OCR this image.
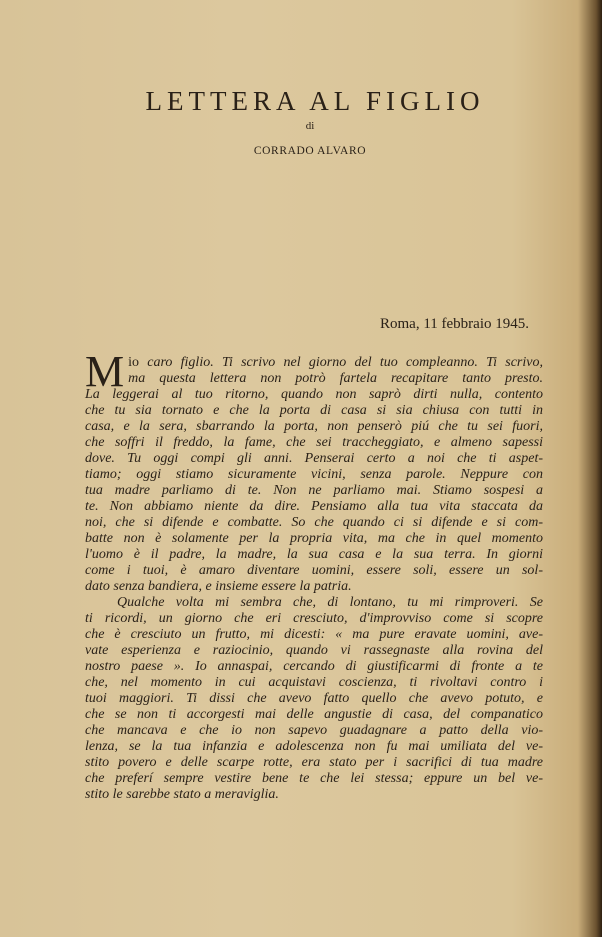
LETTERA AL FIGLIO
di
CORRADO ALVARO
Roma, 11 febbraio 1945.
M io caro figlio. Ti scrivo nel giorno del tuo compleanno. Ti scrivo,
ma questa lettera non potrò fartela recapitare tanto presto.
La leggerai al tuo ritorno, quando non saprò dirti nulla, contento
che tu sia tornato e che la porta di casa si sia chiusa con tutti in
casa, e la sera, sbarrando la porta, non penserò piú che tu sei fuori,
che soffri il freddo, la fame, che sei traccheggiato, e almeno sapessi
dove. Tu oggi compi gli anni. Penserai certo a noi che ti aspet-
tiamo; oggi stiamo sicuramente vicini, senza parole. Neppure con
tua madre parliamo di te. Non ne parliamo mai. Stiamo sospesi a
te. Non abbiamo niente da dire. Pensiamo alla tua vita staccata da
noi, che si difende e combatte. So che quando ci si difende e si com-
batte non è solamente per la propria vita, ma che in quel momento
l'uomo è il padre, la madre, la sua casa e la sua terra. In giorni
come i tuoi, è amaro diventare uomini, essere soli, essere un sol-
dato senza bandiera, e insieme essere la patria.
Qualche volta mi sembra che, di lontano, tu mi rimproveri. Se
ti ricordi, un giorno che eri cresciuto, d'improvviso come si scopre
che è cresciuto un frutto, mi dicesti: « ma pure eravate uomini, ave-
vate esperienza e raziocinio, quando vi rassegnaste alla rovina del
nostro paese ». Io annaspai, cercando di giustificarmi di fronte a te
che, nel momento in cui acquistavi coscienza, ti rivoltavi contro i
tuoi maggiori. Ti dissi che avevo fatto quello che avevo potuto, e
che se non ti accorgesti mai delle angustie di casa, del companatico
che mancava e che io non sapevo guadagnare a patto della vio-
lenza, se la tua infanzia e adolescenza non fu mai umiliata del ve-
stito povero e delle scarpe rotte, era stato per i sacrifici di tua madre
che preferí sempre vestire bene te che lei stessa; eppure un bel ve-
stito le sarebbe stato a meraviglia.
